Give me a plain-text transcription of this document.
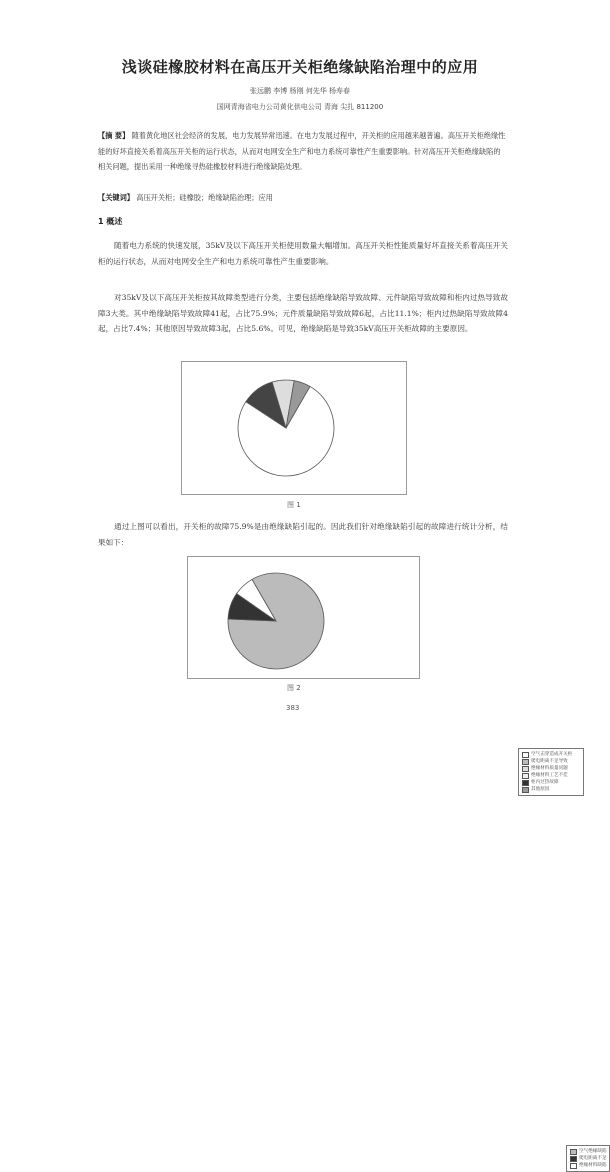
浅谈硅橡胶材料在高压开关柜绝缘缺陷治理中的应用
张远鹏 李博 杨刚 何先华 杨寿春
国网青海省电力公司黄化供电公司 青海 尖扎 811200
【摘 要】 随着黄化地区社会经济的发展，电力发展异常迅速。在电力发展过程中，开关柜的应用越来越普遍。高压开关柜绝缘性能的好坏直接关系着高压开关柜的运行状态，从而对电网安全生产和电力系统可靠性产生重要影响。针对高压开关柜绝缘缺陷的相关问题，提出采用一种绝缘寻热硅橡胶材料进行绝缘缺陷处理。
【关键词】 高压开关柜；硅橡胶；绝缘缺陷治理；应用
1 概述
随着电力系统的快速发展，35kV及以下高压开关柜使用数量大幅增加。高压开关柜性能质量好坏直接关系着高压开关柜的运行状态，从而对电网安全生产和电力系统可靠性产生重要影响。
对35kV及以下高压开关柜按其故障类型进行分类，主要包括绝缘缺陷导致故障、元件缺陷导致故障和柜内过热导致故障3大类。其中绝缘缺陷导致故障41起，占比75.9%；元件质量缺陷导致故障6起，占比11.1%；柜内过热缺陷导致故障4起，占比7.4%；其他原因导致故障3起，占比5.6%。可见，绝缘缺陷是导致35kV高压开关柜故障的主要原因。
空气击穿造成开关柜
爬电距离不足导致
绝缘材料质量问题
绝缘材料工艺不佳
柜内过热故障
其他原因
图 1
通过上图可以看出，开关柜的故障75.9%是由绝缘缺陷引起的。因此我们针对绝缘缺陷引起的故障进行统计分析，结果如下：
空气绝缘缺陷
爬电距离不足
绝缘材料缺陷
图 2
383
